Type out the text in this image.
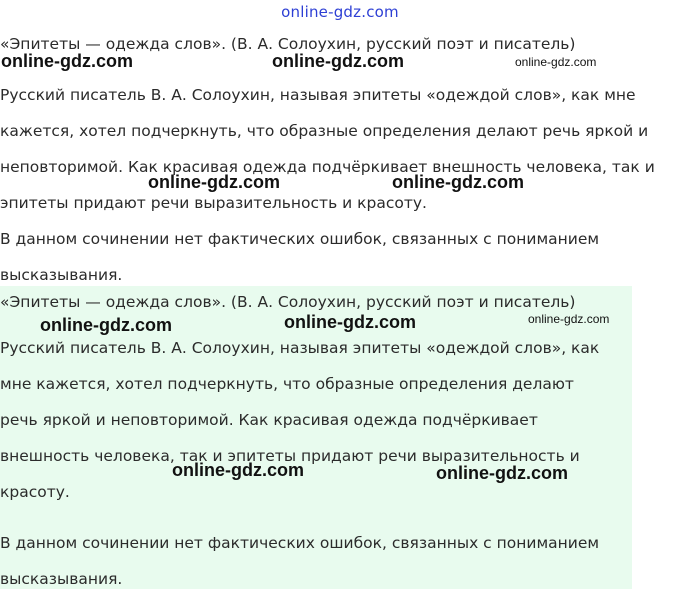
online-gdz.com

«Эпитеты — одежда слов». (В. А. Солоухин, русский поэт и писатель)

Русский писатель В. А. Солоухин, называя эпитеты «одеждой слов», как мне
кажется, хотел подчеркнуть, что образные определения делают речь яркой и
неповторимой. Как красивая одежда подчёркивает внешность человека, так и
эпитеты придают речи выразительность и красоту.

В данном сочинении нет фактических ошибок, связанных с пониманием
высказывания.

«Эпитеты — одежда слов». (В. А. Солоухин, русский поэт и писатель)

Русский писатель В. А. Солоухин, называя эпитеты «одеждой слов», как
мне кажется, хотел подчеркнуть, что образные определения делают
речь яркой и неповторимой. Как красивая одежда подчёркивает
внешность человека, так и эпитеты придают речи выразительность и
красоту.

В данном сочинении нет фактических ошибок, связанных с пониманием
высказывания.

online-gdz.com	online-gdz.com	online-gdz.com
online-gdz.com	online-gdz.com
online-gdz.com	online-gdz.com	online-gdz.com
online-gdz.com	online-gdz.com
